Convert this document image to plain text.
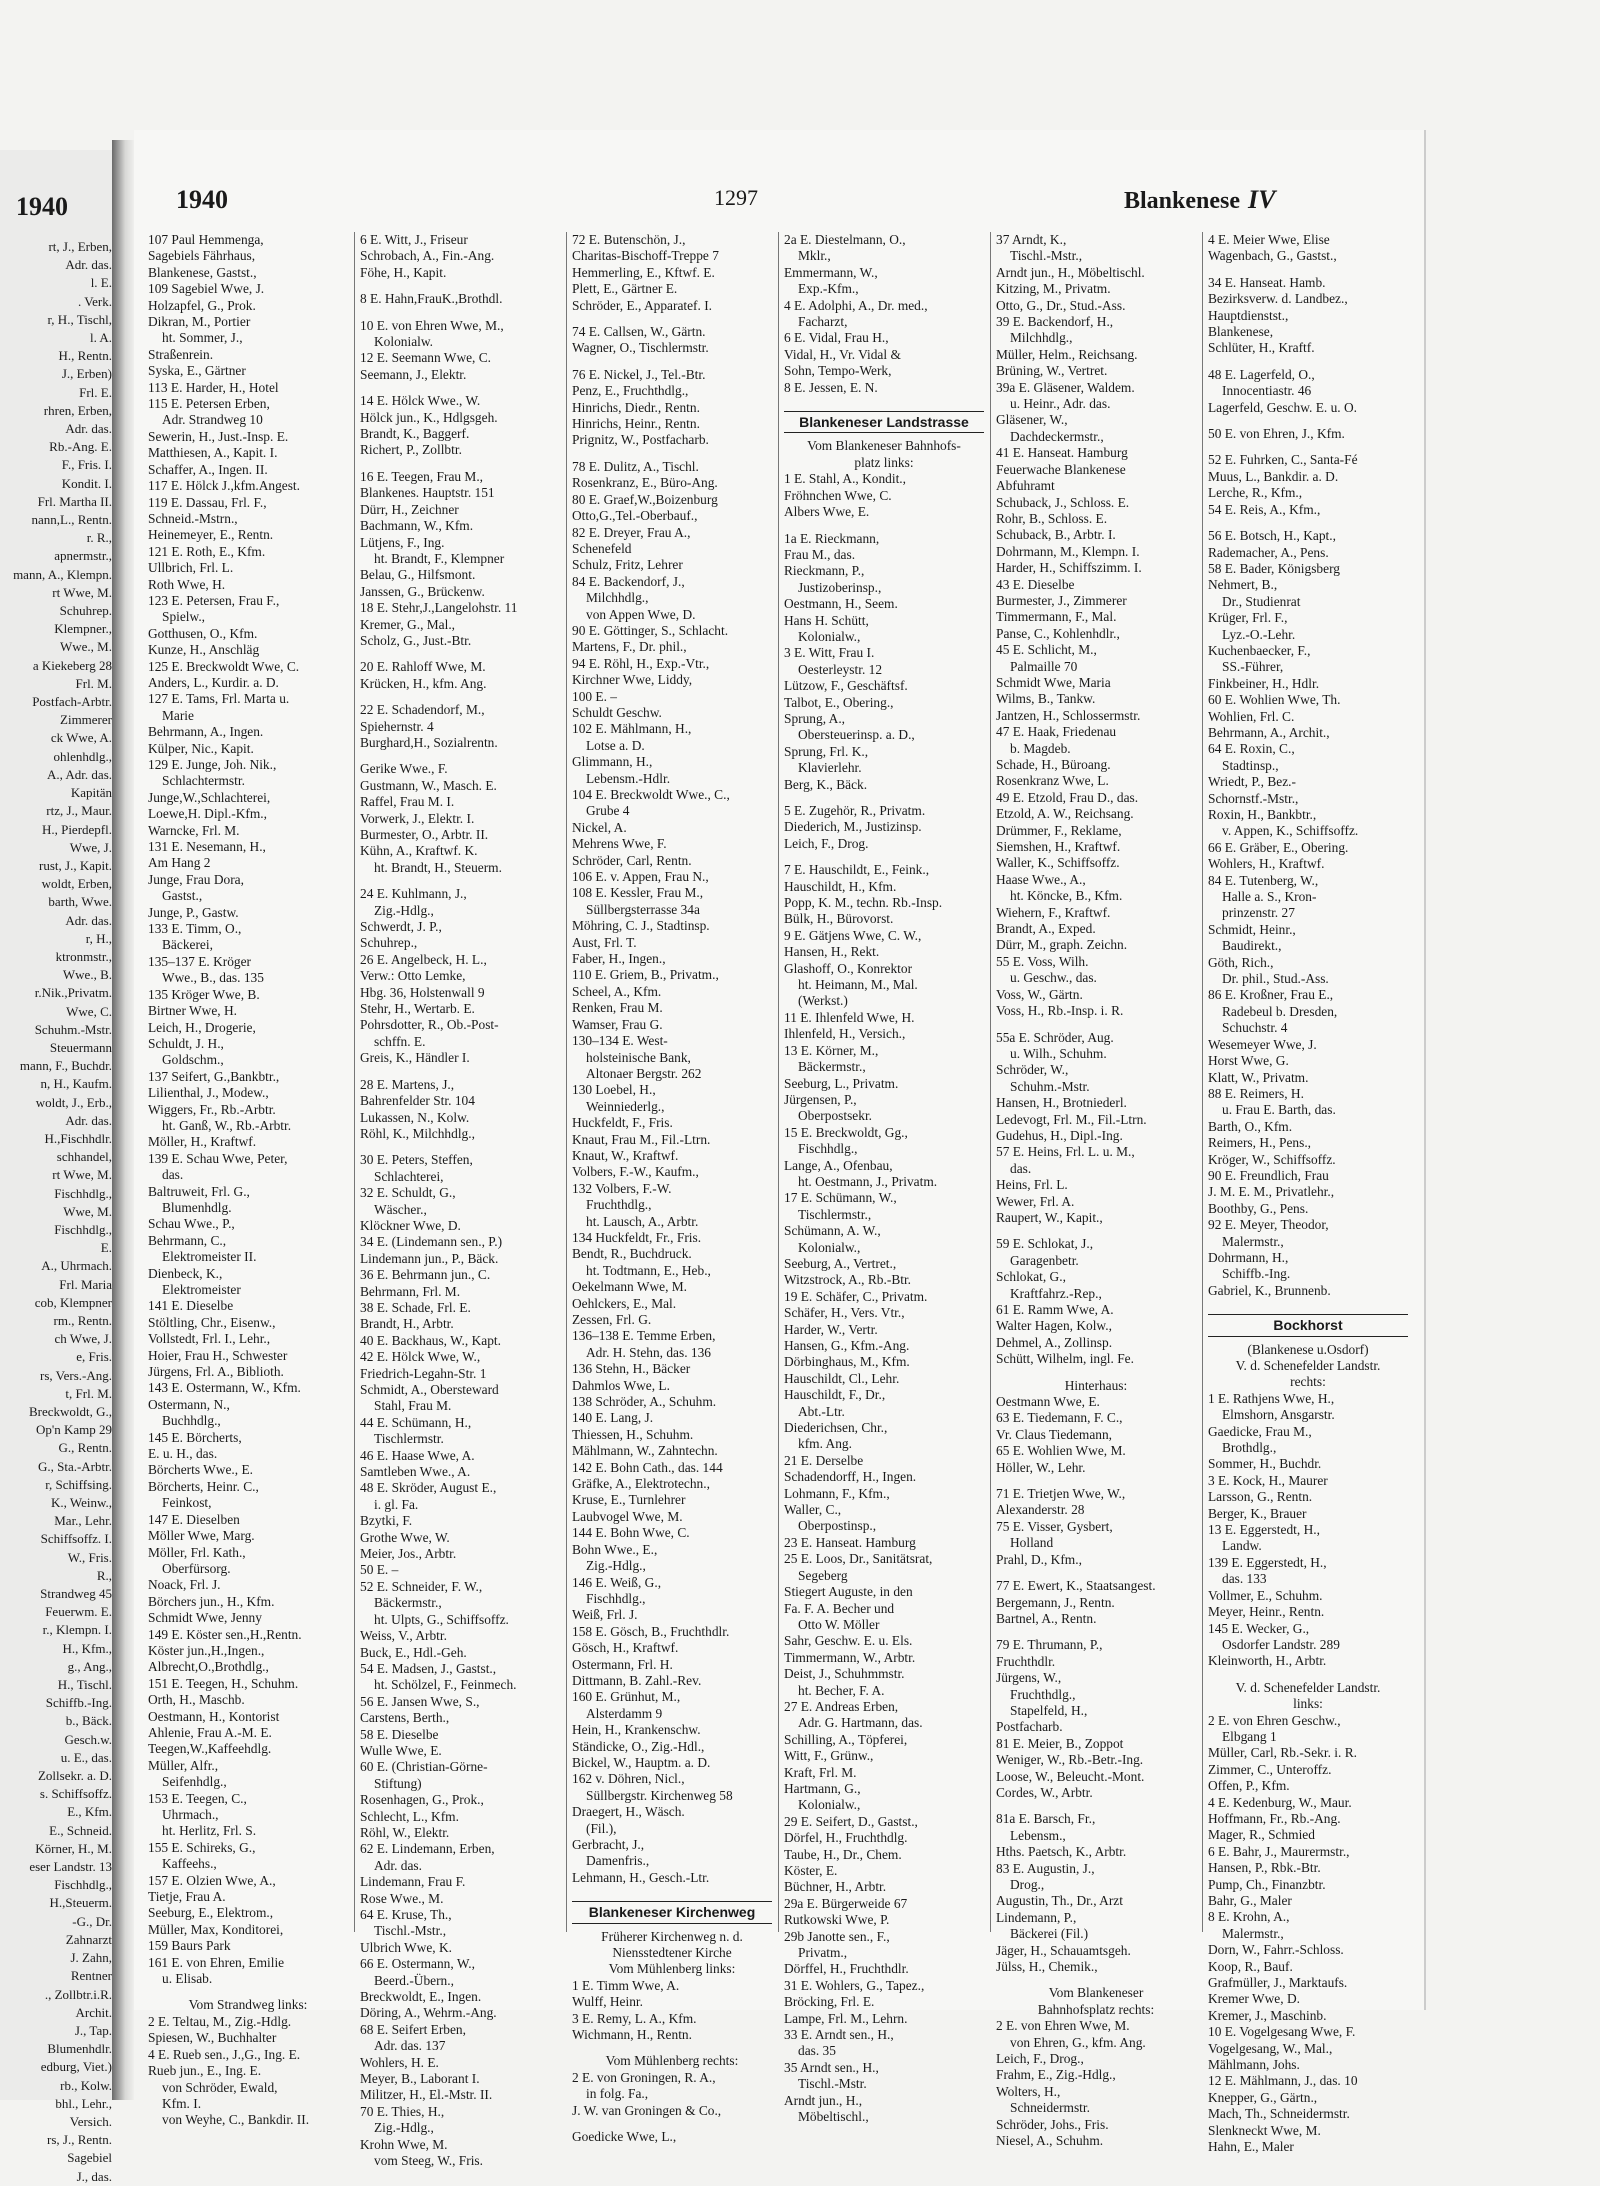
1940
rt, J., Erben,
Adr. das.
l. E.
. Verk.
r, H., Tischl,
l. A.
H., Rentn.
J., Erben)
Frl. E.
rhren, Erben,
Adr. das.
Rb.-Ang. E.
F., Fris. I.
Kondit. I.
Frl. Martha II.
nann,L., Rentn.
r. R.,
apnermstr.,
mann, A., Klempn.
rt Wwe, M.
Schuhrep.
Klempner.,
Wwe., M.
a Kiekeberg 28
Frl. M.
Postfach-Arbtr.
Zimmerer
ck Wwe, A.
ohlenhdlg.,
A., Adr. das.
Kapitän
rtz, J., Maur.
H., Pierdepfl.
Wwe, J.
rust, J., Kapit.
woldt, Erben,
barth, Wwe.
Adr. das.
r, H.,
ktronmstr.,
Wwe., B.
r.Nik.,Privatm.
Wwe, C.
Schuhm.-Mstr.
Steuermann
mann, F., Buchdr.
n, H., Kaufm.
woldt, J., Erb.,
Adr. das.
H.,Fischhdlr.
schhandel,
rt Wwe, M.
Fischhdlg.,
Wwe, M.
Fischhdlg.,
E.
A., Uhrmach.
Frl. Maria
cob, Klempner
rm., Rentn.
ch Wwe, J.
e, Fris.
rs, Vers.-Ang.
t, Frl. M.
Breckwoldt, G.,
Op'n Kamp 29
G., Rentn.
G., Sta.-Arbtr.
r, Schiffsing.
K., Weinw.,
Mar., Lehr.
Schiffsoffz. I.
W., Fris.
R.,
Strandweg 45
Feuerwm. E.
r., Klempn. I.
H., Kfm.,
g., Ang.,
H., Tischl.
Schiffb.-Ing.
b., Bäck.
Gesch.w.
u. E., das.
Zollsekr. a. D.
s. Schiffsoffz.
E., Kfm.
E., Schneid.
Körner, H., M.
eser Landstr. 13
Fischhdlg.,
H.,Steuerm.
-G., Dr.
Zahnarzt
J. Zahn,
Rentner
., Zollbtr.i.R.
Archit.
J., Tap.
Blumenhdlr.
edburg, Viet.)
rb., Kolw.
bhl., Lehr.,
Versich.
rs, J., Rentn.
Sagebiel
J., das.
1940	1297	Blankenese IV
107 Paul Hemmenga,
Sagebiels Fährhaus,
Blankenese, Gastst.,
109 Sagebiel Wwe, J.
Holzapfel, G., Prok.
Dikran, M., Portier
ht. Sommer, J.,
Straßenrein.
Syska, E., Gärtner
113 E. Harder, H., Hotel
115 E. Petersen Erben,
Adr. Strandweg 10
Sewerin, H., Just.-Insp. E.
Matthiesen, A., Kapit. I.
Schaffer, A., Ingen. II.
117 E. Hölck J.,kfm.Angest.
119 E. Dassau, Frl. F.,
Schneid.-Mstrn.,
Heinemeyer, E., Rentn.
121 E. Roth, E., Kfm.
Ullbrich, Frl. L.
Roth Wwe, H.
123 E. Petersen, Frau F.,
Spielw.,
Gotthusen, O., Kfm.
Kunze, H., Anschläg
125 E. Breckwoldt Wwe, C.
Anders, L., Kurdir. a. D.
127 E. Tams, Frl. Marta u.
Marie
Behrmann, A., Ingen.
Külper, Nic., Kapit.
129 E. Junge, Joh. Nik.,
Schlachtermstr.
Junge,W.,Schlachterei,
Loewe,H. Dipl.-Kfm.,
Warncke, Frl. M.
131 E. Nesemann, H.,
Am Hang 2
Junge, Frau Dora,
Gastst.,
Junge, P., Gastw.
133 E. Timm, O.,
Bäckerei,
135–137 E. Kröger
Wwe., B., das. 135
135 Kröger Wwe, B.
Birtner Wwe, H.
Leich, H., Drogerie,
Schuldt, J. H.,
Goldschm.,
137 Seifert, G.,Bankbtr.,
Lilienthal, J., Modew.,
Wiggers, Fr., Rb.-Arbtr.
ht. Ganß, W., Rb.-Arbtr.
Möller, H., Kraftwf.
139 E. Schau Wwe, Peter,
das.
Baltruweit, Frl. G.,
Blumenhdlg.
Schau Wwe., P.,
Behrmann, C.,
Elektromeister II.
Dienbeck, K.,
Elektromeister
141 E. Dieselbe
Stöltling, Chr., Eisenw.,
Vollstedt, Frl. I., Lehr.,
Hoier, Frau H., Schwester
Jürgens, Frl. A., Biblioth.
143 E. Ostermann, W., Kfm.
Ostermann, N.,
Buchhdlg.,
145 E. Börcherts,
E. u. H., das.
Börcherts Wwe., E.
Börcherts, Heinr. C.,
Feinkost,
147 E. Dieselben
Möller Wwe, Marg.
Möller, Frl. Kath.,
Oberfürsorg.
Noack, Frl. J.
Börchers jun., H., Kfm.
Schmidt Wwe, Jenny
149 E. Köster sen.,H.,Rentn.
Köster jun.,H.,Ingen.,
Albrecht,O.,Brothdlg.,
151 E. Teegen, H., Schuhm.
Orth, H., Maschb.
Oestmann, H., Kontorist
Ahlenie, Frau A.-M. E.
Teegen,W.,Kaffeehdlg.
Müller, Alfr.,
Seifenhdlg.,
153 E. Teegen, C.,
Uhrmach.,
ht. Herlitz, Frl. S.
155 E. Schireks, G.,
Kaffeehs.,
157 E. Olzien Wwe, A.,
Tietje, Frau A.
Seeburg, E., Elektrom.,
Müller, Max, Konditorei,
159 Baurs Park
161 E. von Ehren, Emilie
u. Elisab.
Vom Strandweg links:
2 E. Teltau, M., Zig.-Hdlg.
Spiesen, W., Buchhalter
4 E. Rueb sen., J.,G., Ing. E.
Rueb jun., E., Ing. E.
von Schröder, Ewald,
Kfm. I.
von Weyhe, C., Bankdir. II.
6 E. Witt, J., Friseur
Schrobach, A., Fin.-Ang.
Föhe, H., Kapit.
8 E. Hahn,FrauK.,Brothdl.
10 E. von Ehren Wwe, M.,
Kolonialw.
12 E. Seemann Wwe, C.
Seemann, J., Elektr.
14 E. Hölck Wwe., W.
Hölck jun., K., Hdlgsgeh.
Brandt, K., Baggerf.
Richert, P., Zollbtr.
16 E. Teegen, Frau M.,
Blankenes. Hauptstr. 151
Dürr, H., Zeichner
Bachmann, W., Kfm.
Lütjens, F., Ing.
ht. Brandt, F., Klempner
Belau, G., Hilfsmont.
Janssen, G., Brückenw.
18 E. Stehr,J.,Langelohstr. 11
Kremer, G., Mal.,
Scholz, G., Just.-Btr.
20 E. Rahloff Wwe, M.
Krücken, H., kfm. Ang.
22 E. Schadendorf, M.,
Spiehernstr. 4
Burghard,H., Sozialrentn.
Gerike Wwe., F.
Gustmann, W., Masch. E.
Raffel, Frau M. I.
Vorwerk, J., Elektr. I.
Burmester, O., Arbtr. II.
Kühn, A., Kraftwf. K.
ht. Brandt, H., Steuerm.
24 E. Kuhlmann, J.,
Zig.-Hdlg.,
Schwerdt, J. P.,
Schuhrep.,
26 E. Angelbeck, H. L.,
Verw.: Otto Lemke,
Hbg. 36, Holstenwall 9
Stehr, H., Wertarb. E.
Pohrsdotter, R., Ob.-Post-
schffn. E.
Greis, K., Händler I.
28 E. Martens, J.,
Bahrenfelder Str. 104
Lukassen, N., Kolw.
Röhl, K., Milchhdlg.,
30 E. Peters, Steffen,
Schlachterei,
32 E. Schuldt, G.,
Wäscher.,
Klöckner Wwe, D.
34 E. (Lindemann sen., P.)
Lindemann jun., P., Bäck.
36 E. Behrmann jun., C.
Behrmann, Frl. M.
38 E. Schade, Frl. E.
Brandt, H., Arbtr.
40 E. Backhaus, W., Kapt.
42 E. Hölck Wwe, W.,
Friedrich-Legahn-Str. 1
Schmidt, A., Obersteward
Stahl, Frau M.
44 E. Schümann, H.,
Tischlermstr.
46 E. Haase Wwe, A.
Samtleben Wwe., A.
48 E. Skröder, August E.,
i. gl. Fa.
Bzytki, F.
Grothe Wwe, W.
Meier, Jos., Arbtr.
50 E. –
52 E. Schneider, F. W.,
Bäckermstr.,
ht. Ulpts, G., Schiffsoffz.
Weiss, V., Arbtr.
Buck, E., Hdl.-Geh.
54 E. Madsen, J., Gastst.,
ht. Schölzel, F., Feinmech.
56 E. Jansen Wwe, S.,
Carstens, Berth.,
58 E. Dieselbe
Wulle Wwe, E.
60 E. (Christian-Görne-
Stiftung)
Rosenhagen, G., Prok.,
Schlecht, L., Kfm.
Röhl, W., Elektr.
62 E. Lindemann, Erben,
Adr. das.
Lindemann, Frau F.
Rose Wwe., M.
64 E. Kruse, Th.,
Tischl.-Mstr.,
Ulbrich Wwe, K.
66 E. Ostermann, W.,
Beerd.-Übern.,
Breckwoldt, E., Ingen.
Döring, A., Wehrm.-Ang.
68 E. Seifert Erben,
Adr. das. 137
Wohlers, H. E.
Meyer, B., Laborant I.
Militzer, H., El.-Mstr. II.
70 E. Thies, H.,
Zig.-Hdlg.,
Krohn Wwe, M.
vom Steeg, W., Fris.
72 E. Butenschön, J.,
Charitas-Bischoff-Treppe 7
Hemmerling, E., Kftwf. E.
Plett, E., Gärtner E.
Schröder, E., Apparatef. I.
74 E. Callsen, W., Gärtn.
Wagner, O., Tischlermstr.
76 E. Nickel, J., Tel.-Btr.
Penz, E., Fruchthdlg.,
Hinrichs, Diedr., Rentn.
Hinrichs, Heinr., Rentn.
Prignitz, W., Postfacharb.
78 E. Dulitz, A., Tischl.
Rosenkranz, E., Büro-Ang.
80 E. Graef,W.,Boizenburg
Otto,G.,Tel.-Oberbauf.,
82 E. Dreyer, Frau A.,
Schenefeld
Schulz, Fritz, Lehrer
84 E. Backendorf, J.,
Milchhdlg.,
von Appen Wwe, D.
90 E. Göttinger, S., Schlacht.
Martens, F., Dr. phil.,
94 E. Röhl, H., Exp.-Vtr.,
Kirchner Wwe, Liddy,
100 E. –
Schuldt Geschw.
102 E. Mählmann, H.,
Lotse a. D.
Glimmann, H.,
Lebensm.-Hdlr.
104 E. Breckwoldt Wwe., C.,
Grube 4
Nickel, A.
Mehrens Wwe, F.
Schröder, Carl, Rentn.
106 E. v. Appen, Frau N.,
108 E. Kessler, Frau M.,
Süllbergsterrasse 34a
Möhring, C. J., Stadtinsp.
Aust, Frl. T.
Faber, H., Ingen.,
110 E. Griem, B., Privatm.,
Scheel, A., Kfm.
Renken, Frau M.
Wamser, Frau G.
130–134 E. West-
holsteinische Bank,
Altonaer Bergstr. 262
130 Loebel, H.,
Weinniederlg.,
Huckfeldt, F., Fris.
Knaut, Frau M., Fil.-Ltrn.
Knaut, W., Kraftwf.
Volbers, F.-W., Kaufm.,
132 Volbers, F.-W.
Fruchthdlg.,
ht. Lausch, A., Arbtr.
134 Huckfeldt, Fr., Fris.
Bendt, R., Buchdruck.
ht. Todtmann, E., Heb.,
Oekelmann Wwe, M.
Oehlckers, E., Mal.
Zessen, Frl. G.
136–138 E. Temme Erben,
Adr. H. Stehn, das. 136
136 Stehn, H., Bäcker
Dahmlos Wwe, L.
138 Schröder, A., Schuhm.
140 E. Lang, J.
Thiessen, H., Schuhm.
Mählmann, W., Zahntechn.
142 E. Bohn Cath., das. 144
Gräfke, A., Elektrotechn.,
Kruse, E., Turnlehrer
Laubvogel Wwe, M.
144 E. Bohn Wwe, C.
Bohn Wwe., E.,
Zig.-Hdlg.,
146 E. Weiß, G.,
Fischhdlg.,
Weiß, Frl. J.
158 E. Gösch, B., Fruchthdlr.
Gösch, H., Kraftwf.
Ostermann, Frl. H.
Dittmann, B. Zahl.-Rev.
160 E. Grünhut, M.,
Alsterdamm 9
Hein, H., Krankenschw.
Ständicke, O., Zig.-Hdl.,
Bickel, W., Hauptm. a. D.
162 v. Döhren, Nicl.,
Süllbergstr. Kirchenweg 58
Draegert, H., Wäsch.
(Fil.),
Gerbracht, J.,
Damenfris.,
Lehmann, H., Gesch.-Ltr.
Blankeneser Kirchenweg
Früherer Kirchenweg n. d.
Niensstedtener Kirche
Vom Mühlenberg links:
1 E. Timm Wwe, A.
Wulff, Heinr.
3 E. Remy, L. A., Kfm.
Wichmann, H., Rentn.
Vom Mühlenberg rechts:
2 E. von Groningen, R. A.,
in folg. Fa.,
J. W. van Groningen & Co.,
Goedicke Wwe, L.,
2a E. Diestelmann, O.,
Mklr.,
Emmermann, W.,
Exp.-Kfm.,
4 E. Adolphi, A., Dr. med.,
Facharzt,
6 E. Vidal, Frau H.,
Vidal, H., Vr. Vidal &
Sohn, Tempo-Werk,
8 E. Jessen, E. N.
Blankeneser Landstrasse
Vom Blankeneser Bahnhofs-
platz links:
1 E. Stahl, A., Kondit.,
Fröhnchen Wwe, C.
Albers Wwe, E.
1a E. Rieckmann,
Frau M., das.
Rieckmann, P.,
Justizoberinsp.,
Oestmann, H., Seem.
Hans H. Schütt,
Kolonialw.,
3 E. Witt, Frau I.
Oesterleystr. 12
Lützow, F., Geschäftsf.
Talbot, E., Obering.,
Sprung, A.,
Obersteuerinsp. a. D.,
Sprung, Frl. K.,
Klavierlehr.
Berg, K., Bäck.
5 E. Zugehör, R., Privatm.
Diederich, M., Justizinsp.
Leich, F., Drog.
7 E. Hauschildt, E., Feink.,
Hauschildt, H., Kfm.
Popp, K. M., techn. Rb.-Insp.
Bülk, H., Bürovorst.
9 E. Gätjens Wwe, C. W.,
Hansen, H., Rekt.
Glashoff, O., Konrektor
ht. Heimann, M., Mal.
(Werkst.)
11 E. Ihlenfeld Wwe, H.
Ihlenfeld, H., Versich.,
13 E. Körner, M.,
Bäckermstr.,
Seeburg, L., Privatm.
Jürgensen, P.,
Oberpostsekr.
15 E. Breckwoldt, Gg.,
Fischhdlg.,
Lange, A., Ofenbau,
ht. Oestmann, J., Privatm.
17 E. Schümann, W.,
Tischlermstr.,
Schümann, A. W.,
Kolonialw.,
Seeburg, A., Vertret.,
Witzstrock, A., Rb.-Btr.
19 E. Schäfer, C., Privatm.
Schäfer, H., Vers. Vtr.,
Harder, W., Vertr.
Hansen, G., Kfm.-Ang.
Dörbinghaus, M., Kfm.
Hauschildt, Cl., Lehr.
Hauschildt, F., Dr.,
Abt.-Ltr.
Diederichsen, Chr.,
kfm. Ang.
21 E. Derselbe
Schadendorff, H., Ingen.
Lohmann, F., Kfm.,
Waller, C.,
Oberpostinsp.,
23 E. Hanseat. Hamburg
25 E. Loos, Dr., Sanitätsrat,
Segeberg
Stiegert Auguste, in den
Fa. F. A. Becher und
Otto W. Möller
Sahr, Geschw. E. u. Els.
Timmermann, W., Arbtr.
Deist, J., Schuhmmstr.
ht. Becher, F. A.
27 E. Andreas Erben,
Adr. G. Hartmann, das.
Schilling, A., Töpferei,
Witt, F., Grünw.,
Kraft, Frl. M.
Hartmann, G.,
Kolonialw.,
29 E. Seifert, D., Gastst.,
Dörfel, H., Fruchthdlg.
Taube, H., Dr., Chem.
Köster, E.
Büchner, H., Arbtr.
29a E. Bürgerweide 67
Rutkowski Wwe, P.
29b Janotte sen., F.,
Privatm.,
Dörffel, H., Fruchthdlr.
31 E. Wohlers, G., Tapez.,
Bröcking, Frl. E.
Lampe, Frl. M., Lehrn.
33 E. Arndt sen., H.,
das. 35
35 Arndt sen., H.,
Tischl.-Mstr.
Arndt jun., H.,
Möbeltischl.,
37 Arndt, K.,
Tischl.-Mstr.,
Arndt jun., H., Möbeltischl.
Kitzing, M., Privatm.
Otto, G., Dr., Stud.-Ass.
39 E. Backendorf, H.,
Milchhdlg.,
Müller, Helm., Reichsang.
Brüning, W., Vertret.
39a E. Gläsener, Waldem.
u. Heinr., Adr. das.
Gläsener, W.,
Dachdeckermstr.,
41 E. Hanseat. Hamburg
Feuerwache Blankenese
Abfuhramt
Schuback, J., Schloss. E.
Rohr, B., Schloss. E.
Schuback, B., Arbtr. I.
Dohrmann, M., Klempn. I.
Harder, H., Schiffszimm. I.
43 E. Dieselbe
Burmester, J., Zimmerer
Timmermann, F., Mal.
Panse, C., Kohlenhdlr.,
45 E. Schlicht, M.,
Palmaille 70
Schmidt Wwe, Maria
Wilms, B., Tankw.
Jantzen, H., Schlossermstr.
47 E. Haak, Friedenau
b. Magdeb.
Schade, H., Büroang.
Rosenkranz Wwe, L.
49 E. Etzold, Frau D., das.
Etzold, A. W., Reichsang.
Drümmer, F., Reklame,
Siemshen, H., Kraftwf.
Waller, K., Schiffsoffz.
Haase Wwe., A.,
ht. Köncke, B., Kfm.
Wiehern, F., Kraftwf.
Brandt, A., Exped.
Dürr, M., graph. Zeichn.
55 E. Voss, Wilh.
u. Geschw., das.
Voss, W., Gärtn.
Voss, H., Rb.-Insp. i. R.
55a E. Schröder, Aug.
u. Wilh., Schuhm.
Schröder, W.,
Schuhm.-Mstr.
Hansen, H., Brotniederl.
Ledevogt, Frl. M., Fil.-Ltrn.
Gudehus, H., Dipl.-Ing.
57 E. Heins, Frl. L. u. M.,
das.
Heins, Frl. L.
Wewer, Frl. A.
Raupert, W., Kapit.,
59 E. Schlokat, J.,
Garagenbetr.
Schlokat, G.,
Kraftfahrz.-Rep.,
61 E. Ramm Wwe, A.
Walter Hagen, Kolw.,
Dehmel, A., Zollinsp.
Schütt, Wilhelm, ingl. Fe.
Hinterhaus:
Oestmann Wwe, E.
63 E. Tiedemann, F. C.,
Vr. Claus Tiedemann,
65 E. Wohlien Wwe, M.
Höller, W., Lehr.
71 E. Trietjen Wwe, W.,
Alexanderstr. 28
75 E. Visser, Gysbert,
Holland
Prahl, D., Kfm.,
77 E. Ewert, K., Staatsangest.
Bergemann, J., Rentn.
Bartnel, A., Rentn.
79 E. Thrumann, P.,
Fruchthdlr.
Jürgens, W.,
Fruchthdlg.,
Stapelfeld, H.,
Postfacharb.
81 E. Meier, B., Zoppot
Weniger, W., Rb.-Betr.-Ing.
Loose, W., Beleucht.-Mont.
Cordes, W., Arbtr.
81a E. Barsch, Fr.,
Lebensm.,
Hths. Paetsch, K., Arbtr.
83 E. Augustin, J.,
Drog.,
Augustin, Th., Dr., Arzt
Lindemann, P.,
Bäckerei (Fil.)
Jäger, H., Schauamtsgeh.
Jülss, H., Chemik.,
Vom Blankeneser
Bahnhofsplatz rechts:
2 E. von Ehren Wwe, M.
von Ehren, G., kfm. Ang.
Leich, F., Drog.,
Frahm, E., Zig.-Hdlg.,
Wolters, H.,
Schneidermstr.
Schröder, Johs., Fris.
Niesel, A., Schuhm.
4 E. Meier Wwe, Elise
Wagenbach, G., Gastst.,
34 E. Hanseat. Hamb.
Bezirksverw. d. Landbez.,
Hauptdienstst.,
Blankenese,
Schlüter, H., Kraftf.
48 E. Lagerfeld, O.,
Innocentiastr. 46
Lagerfeld, Geschw. E. u. O.
50 E. von Ehren, J., Kfm.
52 E. Fuhrken, C., Santa-Fé
Muus, L., Bankdir. a. D.
Lerche, R., Kfm.,
54 E. Reis, A., Kfm.,
56 E. Botsch, H., Kapt.,
Rademacher, A., Pens.
58 E. Bader, Königsberg
Nehmert, B.,
Dr., Studienrat
Krüger, Frl. F.,
Lyz.-O.-Lehr.
Kuchenbaecker, F.,
SS.-Führer,
Finkbeiner, H., Hdlr.
60 E. Wohlien Wwe, Th.
Wohlien, Frl. C.
Behrmann, A., Archit.,
64 E. Roxin, C.,
Stadtinsp.,
Wriedt, P., Bez.-
Schornstf.-Mstr.,
Roxin, H., Bankbtr.,
v. Appen, K., Schiffsoffz.
66 E. Gräber, E., Obering.
Wohlers, H., Kraftwf.
84 E. Tutenberg, W.,
Halle a. S., Kron-
prinzenstr. 27
Schmidt, Heinr.,
Baudirekt.,
Göth, Rich.,
Dr. phil., Stud.-Ass.
86 E. Kroßner, Frau E.,
Radebeul b. Dresden,
Schuchstr. 4
Wesemeyer Wwe, J.
Horst Wwe, G.
Klatt, W., Privatm.
88 E. Reimers, H.
u. Frau E. Barth, das.
Barth, O., Kfm.
Reimers, H., Pens.,
Kröger, W., Schiffsoffz.
90 E. Freundlich, Frau
J. M. E. M., Privatlehr.,
Boothby, G., Pens.
92 E. Meyer, Theodor,
Malermstr.,
Dohrmann, H.,
Schiffb.-Ing.
Gabriel, K., Brunnenb.
Bockhorst
(Blankenese u.Osdorf)
V. d. Schenefelder Landstr.
rechts:
1 E. Rathjens Wwe, H.,
Elmshorn, Ansgarstr.
Gaedicke, Frau M.,
Brothdlg.,
Sommer, H., Buchdr.
3 E. Kock, H., Maurer
Larsson, G., Rentn.
Berger, K., Brauer
13 E. Eggerstedt, H.,
Landw.
139 E. Eggerstedt, H.,
das. 133
Vollmer, E., Schuhm.
Meyer, Heinr., Rentn.
145 E. Wecker, G.,
Osdorfer Landstr. 289
Kleinworth, H., Arbtr.
V. d. Schenefelder Landstr.
links:
2 E. von Ehren Geschw.,
Elbgang 1
Müller, Carl, Rb.-Sekr. i. R.
Zimmer, C., Unteroffz.
Offen, P., Kfm.
4 E. Kedenburg, W., Maur.
Hoffmann, Fr., Rb.-Ang.
Mager, R., Schmied
6 E. Bahr, J., Maurermstr.,
Hansen, P., Rbk.-Btr.
Pump, Ch., Finanzbtr.
Bahr, G., Maler
8 E. Krohn, A.,
Malermstr.,
Dorn, W., Fahrr.-Schloss.
Koop, R., Bauf.
Grafmüller, J., Marktaufs.
Kremer Wwe, D.
Kremer, J., Maschinb.
10 E. Vogelgesang Wwe, F.
Vogelgesang, W., Mal.,
Mählmann, Johs.
12 E. Mählmann, J., das. 10
Knepper, G., Gärtn.,
Mach, Th., Schneidermstr.
Slenkneckt Wwe, M.
Hahn, E., Maler
